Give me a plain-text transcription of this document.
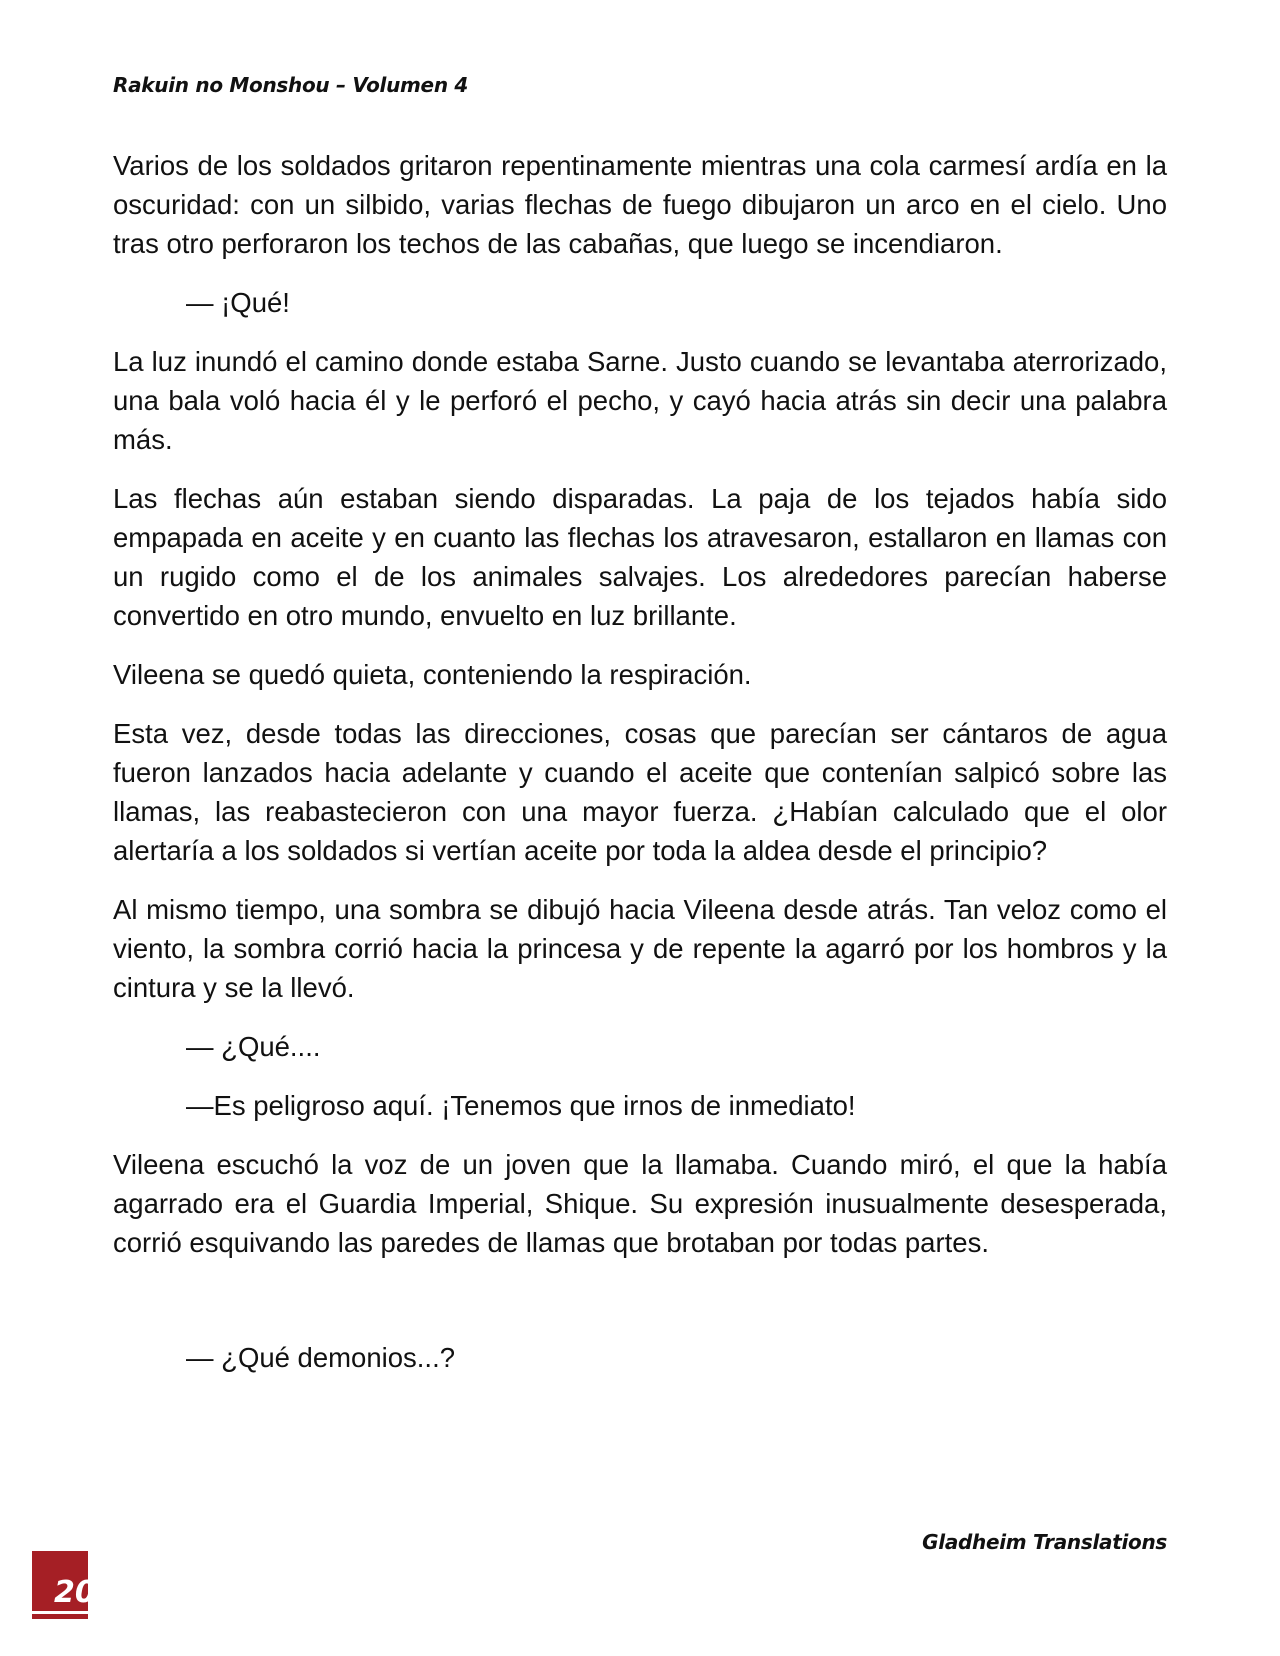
Rakuin no Monshou – Volumen 4

Varios de los soldados gritaron repentinamente mientras una cola carmesí ardía en la oscuridad: con un silbido, varias flechas de fuego dibujaron un arco en el cielo. Uno tras otro perforaron los techos de las cabañas, que luego se incendiaron.

— ¡Qué!

La luz inundó el camino donde estaba Sarne. Justo cuando se levantaba aterrorizado, una bala voló hacia él y le perforó el pecho, y cayó hacia atrás sin decir una palabra más.

Las flechas aún estaban siendo disparadas. La paja de los tejados había sido empapada en aceite y en cuanto las flechas los atravesaron, estallaron en llamas con un rugido como el de los animales salvajes. Los alrededores parecían haberse convertido en otro mundo, envuelto en luz brillante.

Vileena se quedó quieta, conteniendo la respiración.

Esta vez, desde todas las direcciones, cosas que parecían ser cántaros de agua fueron lanzados hacia adelante y cuando el aceite que contenían salpicó sobre las llamas, las reabastecieron con una mayor fuerza. ¿Habían calculado que el olor alertaría a los soldados si vertían aceite por toda la aldea desde el principio?

Al mismo tiempo, una sombra se dibujó hacia Vileena desde atrás. Tan veloz como el viento, la sombra corrió hacia la princesa y de repente la agarró por los hombros y la cintura y se la llevó.

— ¿Qué....

—Es peligroso aquí. ¡Tenemos que irnos de inmediato!

Vileena escuchó la voz de un joven que la llamaba. Cuando miró, el que la había agarrado era el Guardia Imperial, Shique. Su expresión inusualmente desesperada, corrió esquivando las paredes de llamas que brotaban por todas partes.

— ¿Qué demonios...?

Gladheim Translations
20
